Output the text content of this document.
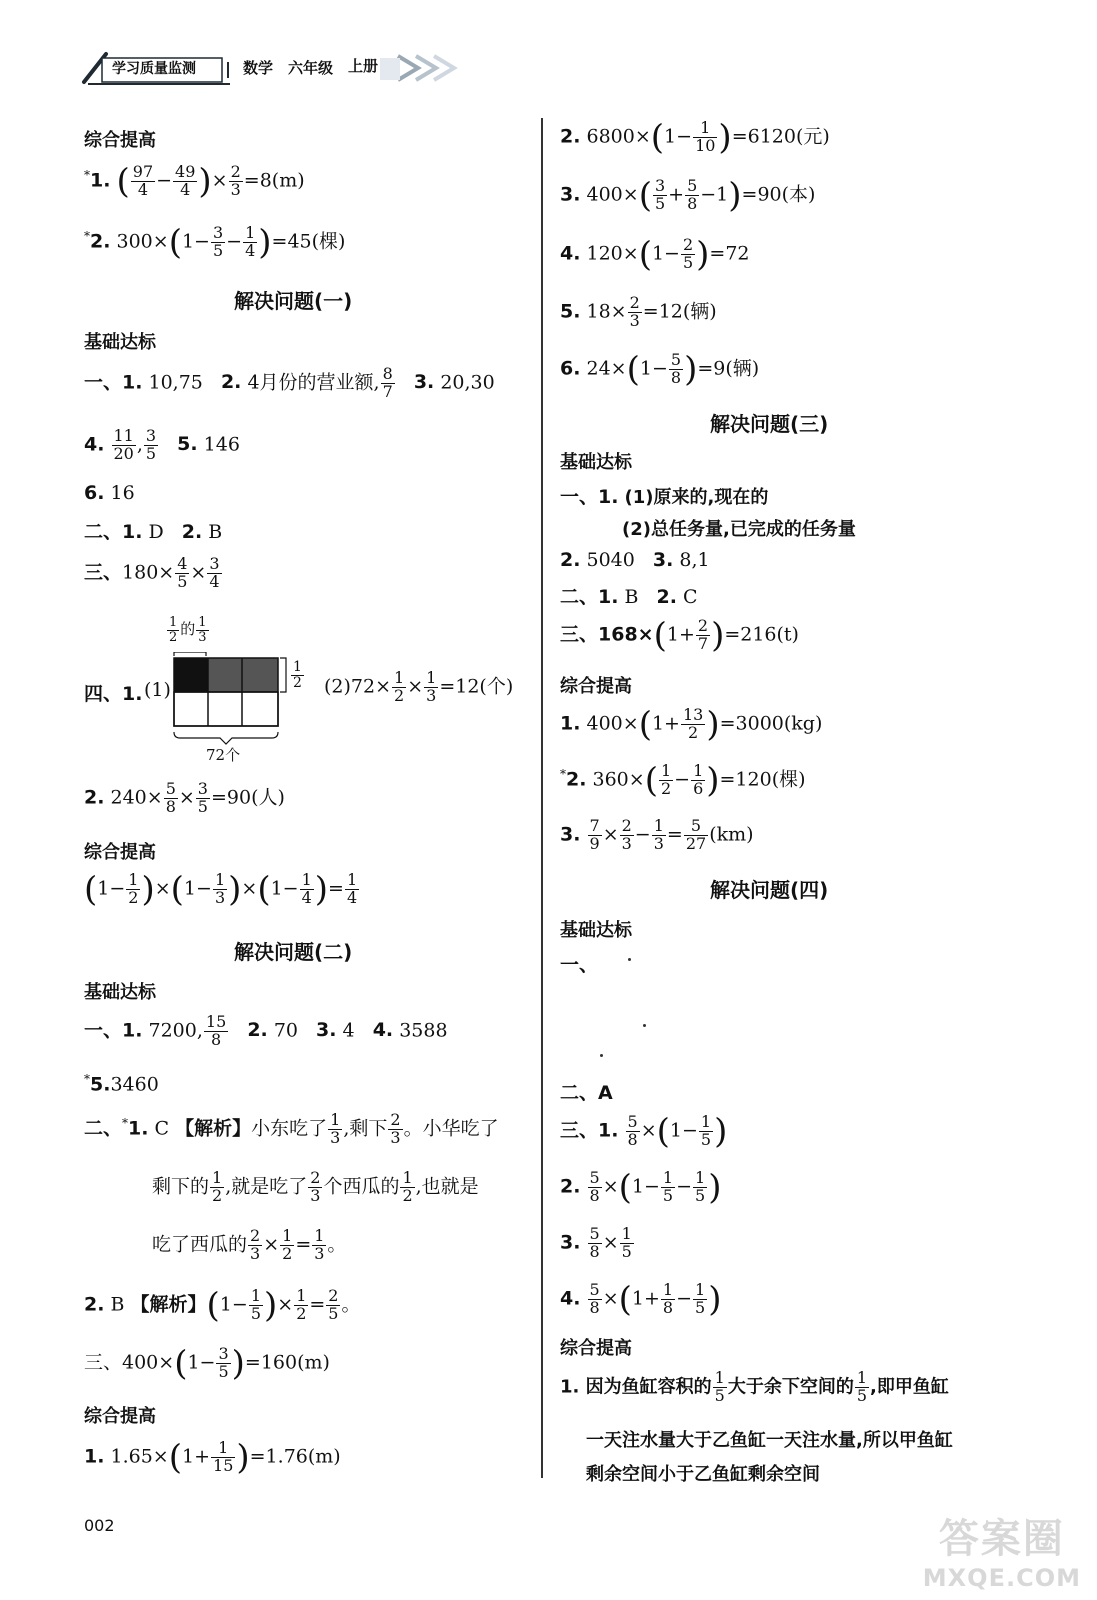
学习质量监测	数学 六年级 上册
综合提高
*1. ( $\frac{97}{4} - \frac{49}{4}$ )× $\frac{2}{3} =8(m)$
*2. $300\times(1- \frac{3}{5} - \frac{1}{4} )=45$(棵)
解决问题(一)
基础达标
一、1. 10,75 2. 4月份的营业额, $\frac{8}{7} 3$. 20,30
4. $\frac{11}{20}$ , $\frac{3}{5} 5$. 146
6. 16
二、1. D 2. B
三、$180\times \frac{4}{5} \times \frac{3}{4}$
$\frac{1}{2}$ 的 $\frac{1}{3}$
$\frac{1}{2}$
72个
四、1. (1)	$(2)72\times \frac{1}{2} \times \frac{1}{3} =12$(个)
2. $240\times \frac{5}{8} \times \frac{3}{5} =90$(人)
综合提高
$(1- \frac{1}{2} )\times(1- \frac{1}{3} )\times(1- \frac{1}{4}$ )= $\frac{1}{4}$
解决问题(二)
基础达标
一、1. 7200, $\frac{15}{8} 2$. 70 3. 4 4. 3588
*5.3460
二、*1. C 【解析】小东吃了 $\frac{1}{3}$ ,剩下 $\frac{2}{3}$ 。小华吃了
剩下的 $\frac{1}{2}$ ,就是吃了 $\frac{2}{3}$ 个西瓜的 $\frac{1}{2}$ ,也就是
吃了西瓜的 $\frac{2}{3} \times \frac{1}{2} = \frac{1}{3}$ 。
2. B 【解析】($1- \frac{1}{5}$ )× $\frac{1}{2} = \frac{2}{5}$ 。
三、$400\times(1- \frac{3}{5} )=160(m)$
综合提高
1. $1.65\times(1+ \frac{1}{15} )=1.76(m)$
002
2. $6800\times(1- \frac{1}{10} )=6120$(元)
3. $400\times( \frac{3}{5} + \frac{5}{8} -1)=90$(本)
4. $120\times(1- \frac{2}{5} )=72$
5. $18\times \frac{2}{3} =12$(辆)
6. $24\times(1- \frac{5}{8} )=9$(辆)
解决问题(三)
基础达标
一、1. (1)原来的,现在的
(2)总任务量,已完成的任务量
2. 5040 3. 8,1
二、1. B 2. C
三、$168\times(1+ \frac{2}{7} )=216(t)$
综合提高
1. $400\times(1+ \frac{13}{2} )=3000(kg)$
*2. $360\times( \frac{1}{2} - \frac{1}{6} )=120$(棵)
3. $\frac{7}{9} \times \frac{2}{3} - \frac{1}{3} = \frac{5}{27} (km)$
解决问题(四)
基础达标
一、
二、A
三、1. $\frac{5}{8} \times(1- \frac{1}{5}$ )
2. $\frac{5}{8} \times(1- \frac{1}{5} - \frac{1}{5}$ )
3. $\frac{5}{8} \times \frac{1}{5}$
4. $\frac{5}{8} \times(1+ \frac{1}{8} - \frac{1}{5}$ )
综合提高
1. 因为鱼缸容积的 $\frac{1}{5}$ 大于余下空间的 $\frac{1}{5}$ ,即甲鱼缸
一天注水量大于乙鱼缸一天注水量,所以甲鱼缸
剩余空间小于乙鱼缸剩余空间
答案圈
MXQE.COM
